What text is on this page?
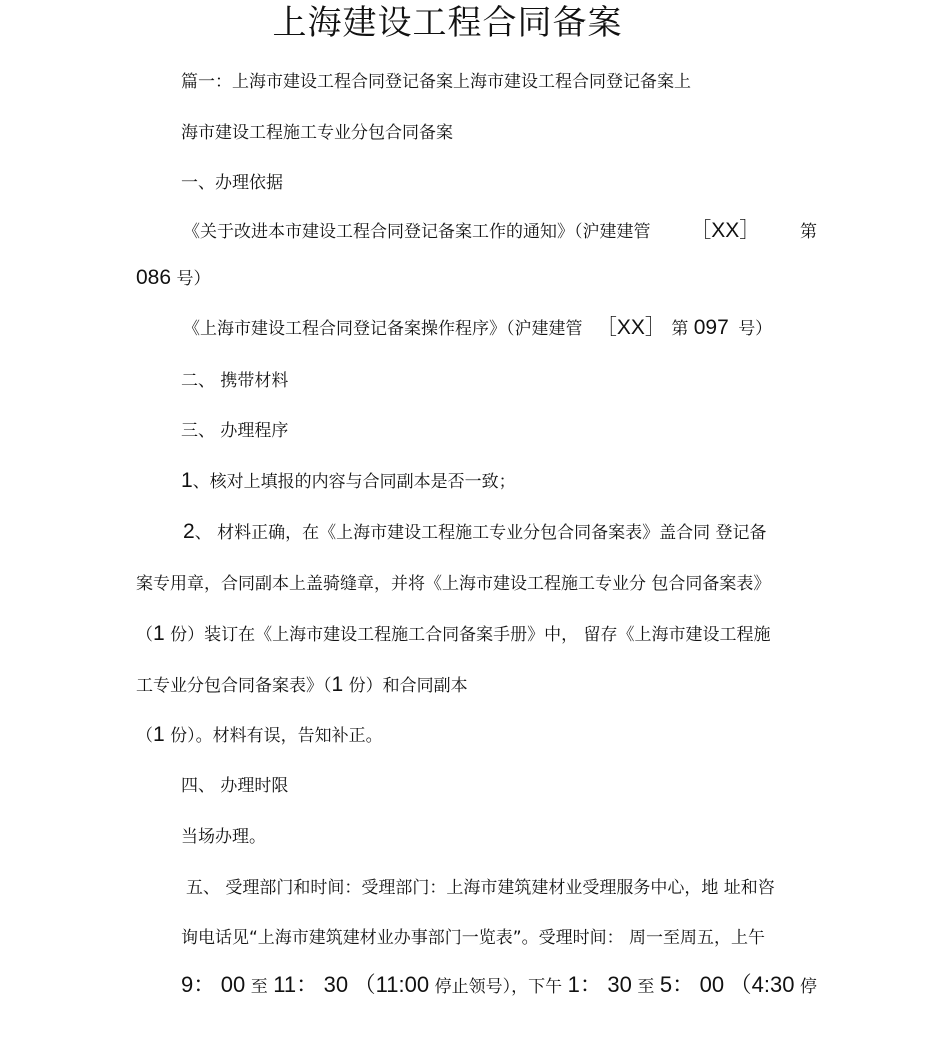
上海建设工程合同备案
篇一：上海市建设工程合同登记备案上海市建设工程合同登记备案上
海市建设工程施工专业分包合同备案
一、办理依据
《关于改进本市建设工程合同登记备案工作的通知》（沪建建管 ［XX］ 第
086 号）
《上海市建设工程合同登记备案操作程序》（沪建建管 ［XX］ 第 097 号）
二、 携带材料
三、 办理程序
1、核对上填报的内容与合同副本是否一致；
2、 材料正确，在《上海市建设工程施工专业分包合同备案表》盖合同 登记备
案专用章，合同副本上盖骑缝章，并将《上海市建设工程施工专业分 包合同备案表》
（1 份）装订在《上海市建设工程施工合同备案手册》中， 留存《上海市建设工程施
工专业分包合同备案表》（1 份）和合同副本
（1 份）。材料有误，告知补正。
四、 办理时限
当场办理。
五、 受理部门和时间：受理部门：上海市建筑建材业受理服务中心，地 址和咨
询电话见“上海市建筑建材业办事部门一览表”。受理时间： 周一至周五，上午
9： 00 至 11： 30 （11:00 停止领号），下午 1： 30 至 5： 00 （4:30 停
